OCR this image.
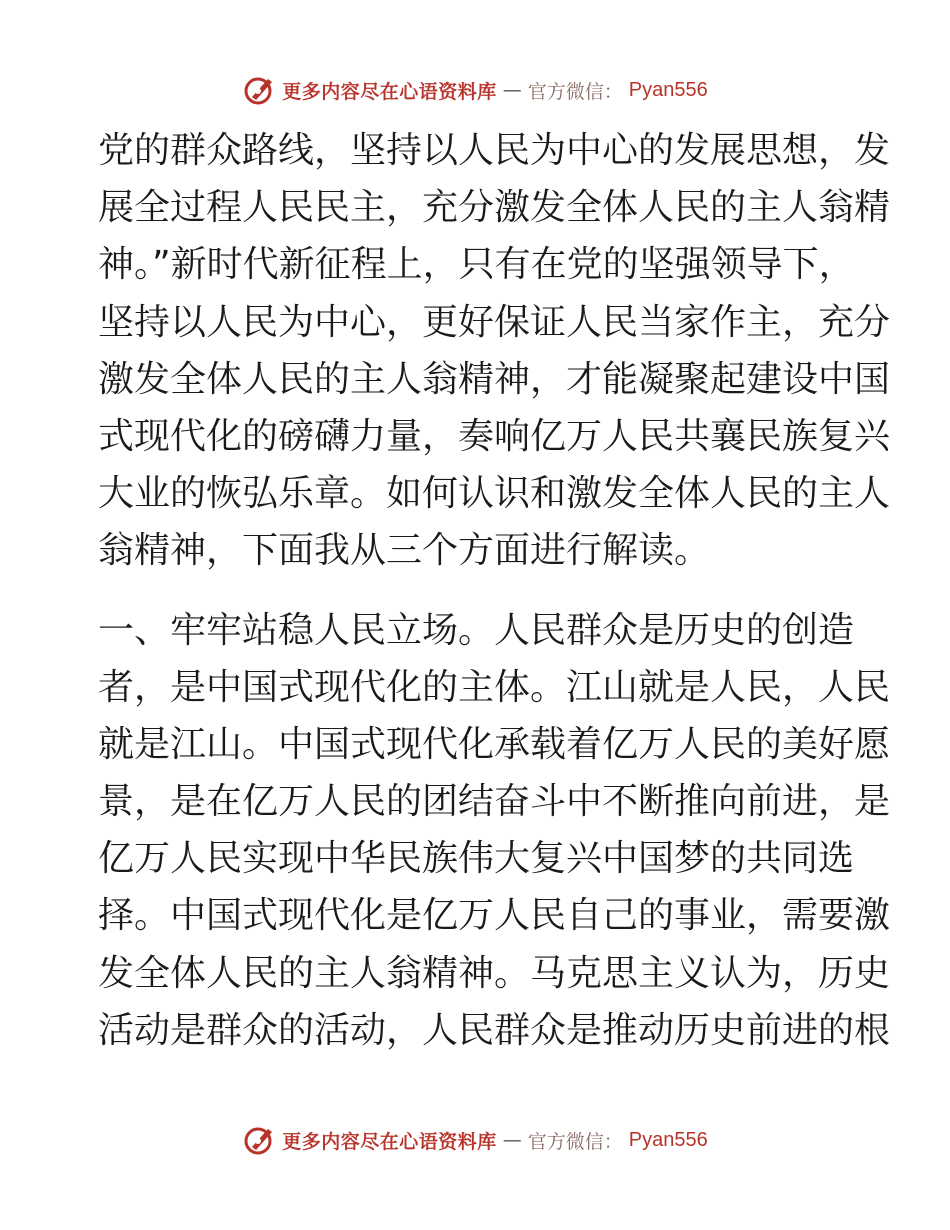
更多内容尽在心语资料库 — 官方微信： Pyan556
党的群众路线，坚持以人民为中心的发展思想，发
展全过程人民民主，充分激发全体人民的主人翁精
神。”新时代新征程上，只有在党的坚强领导下，
坚持以人民为中心，更好保证人民当家作主，充分
激发全体人民的主人翁精神，才能凝聚起建设中国
式现代化的磅礴力量，奏响亿万人民共襄民族复兴
大业的恢弘乐章。如何认识和激发全体人民的主人
翁精神，下面我从三个方面进行解读。
一、牢牢站稳人民立场。人民群众是历史的创造
者，是中国式现代化的主体。江山就是人民，人民
就是江山。中国式现代化承载着亿万人民的美好愿
景，是在亿万人民的团结奋斗中不断推向前进，是
亿万人民实现中华民族伟大复兴中国梦的共同选
择。中国式现代化是亿万人民自己的事业，需要激
发全体人民的主人翁精神。马克思主义认为，历史
活动是群众的活动，人民群众是推动历史前进的根
更多内容尽在心语资料库 — 官方微信： Pyan556
